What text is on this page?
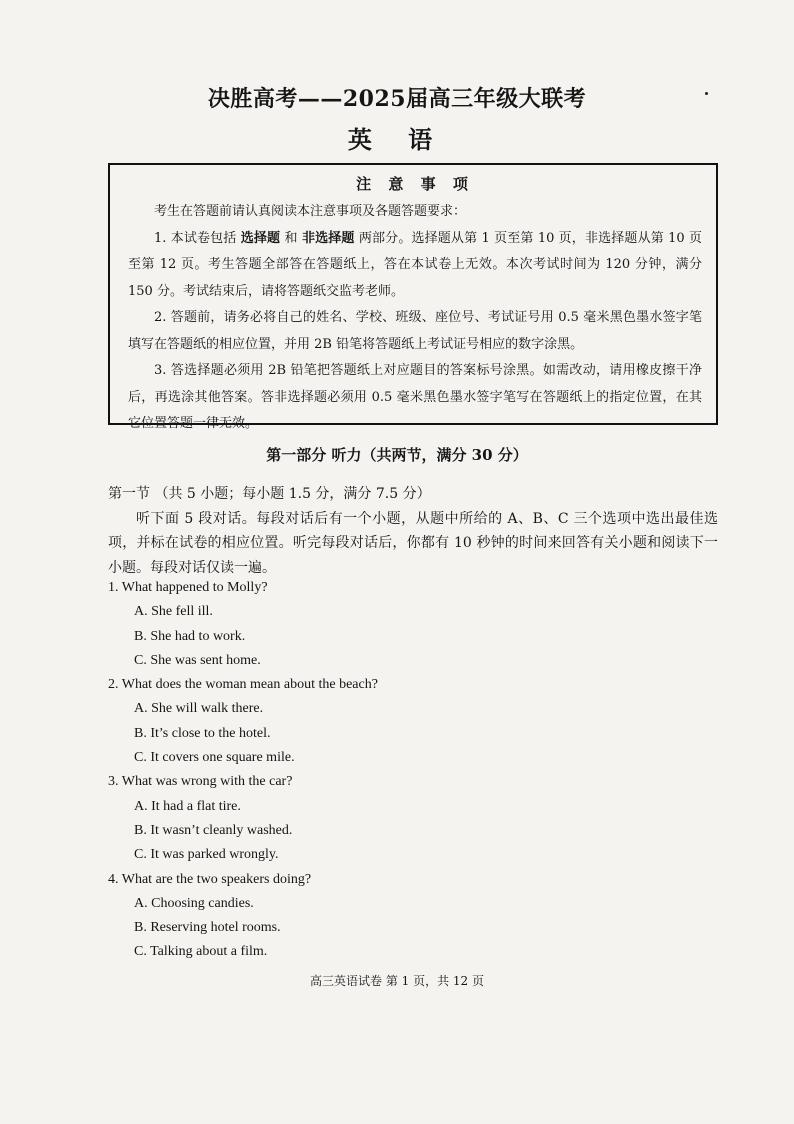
决胜高考——2025届高三年级大联考
英 语
注 意 事 项

考生在答题前请认真阅读本注意事项及各题答题要求：

1. 本试卷包括 选择题 和 非选择题 两部分。选择题从第 1 页至第 10 页，非选择题从第 10 页至第 12 页。考生答题全部答在答题纸上，答在本试卷上无效。本次考试时间为 120 分钟，满分 150 分。考试结束后，请将答题纸交监考老师。

2. 答题前，请务必将自己的姓名、学校、班级、座位号、考试证号用 0.5 毫米黑色墨水签字笔填写在答题纸的相应位置，并用 2B 铅笔将答题纸上考试证号相应的数字涂黑。

3. 答选择题必须用 2B 铅笔把答题纸上对应题目的答案标号涂黑。如需改动，请用橡皮擦干净后，再选涂其他答案。答非选择题必须用 0.5 毫米黑色墨水签字笔写在答题纸上的指定位置，在其它位置答题一律无效。

第一部分 听力（共两节，满分 30 分）

第一节 （共 5 小题；每小题 1.5 分，满分 7.5 分）

听下面 5 段对话。每段对话后有一个小题，从题中所给的 A、B、C 三个选项中选出最佳选项，并标在试卷的相应位置。听完每段对话后，你都有 10 秒钟的时间来回答有关小题和阅读下一小题。每段对话仅读一遍。

1. What happened to Molly?

A. She fell ill.

B. She had to work.

C. She was sent home.

2. What does the woman mean about the beach?

A. She will walk there.

B. It’s close to the hotel.

C. It covers one square mile.

3. What was wrong with the car?

A. It had a flat tire.

B. It wasn’t cleanly washed.

C. It was parked wrongly.

4. What are the two speakers doing?

A. Choosing candies.

B. Reserving hotel rooms.

C. Talking about a film.

高三英语试卷 第 1 页，共 12 页
